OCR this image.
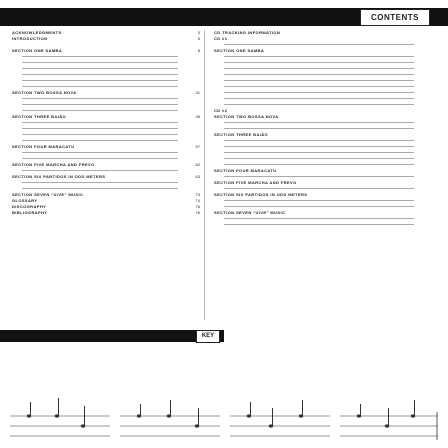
CONTENTS
ACKNOWLEDGMENTS	3
INTRODUCTION	5
SECTION ONE SAMBA	8
SECTION TWO BOSSA NOVA	31
SECTION THREE BAIÃO	45
SECTION FOUR MARACATU	57
SECTION FIVE MARCHA AND FREVO	62
SECTION SIX PARTIDOS IN ODD METERS	63
SECTION SEVEN “UIVE” MUSIC	73
GLOSSARY	74
DISCOGRAPHY	76
BIBLIOGRAPHY	76
CD TRACKING INFORMATION
CD #1
SECTION ONE SAMBA
CD #2
SECTION TWO BOSSA NOVA
SECTION THREE BAIÃO
SECTION FOUR MARACATU
SECTION FIVE MARCHA AND FREVO
SECTION SIX PARTIDOS IN ODD METERS
SECTION SEVEN “UIVE” MUSIC
KEY
